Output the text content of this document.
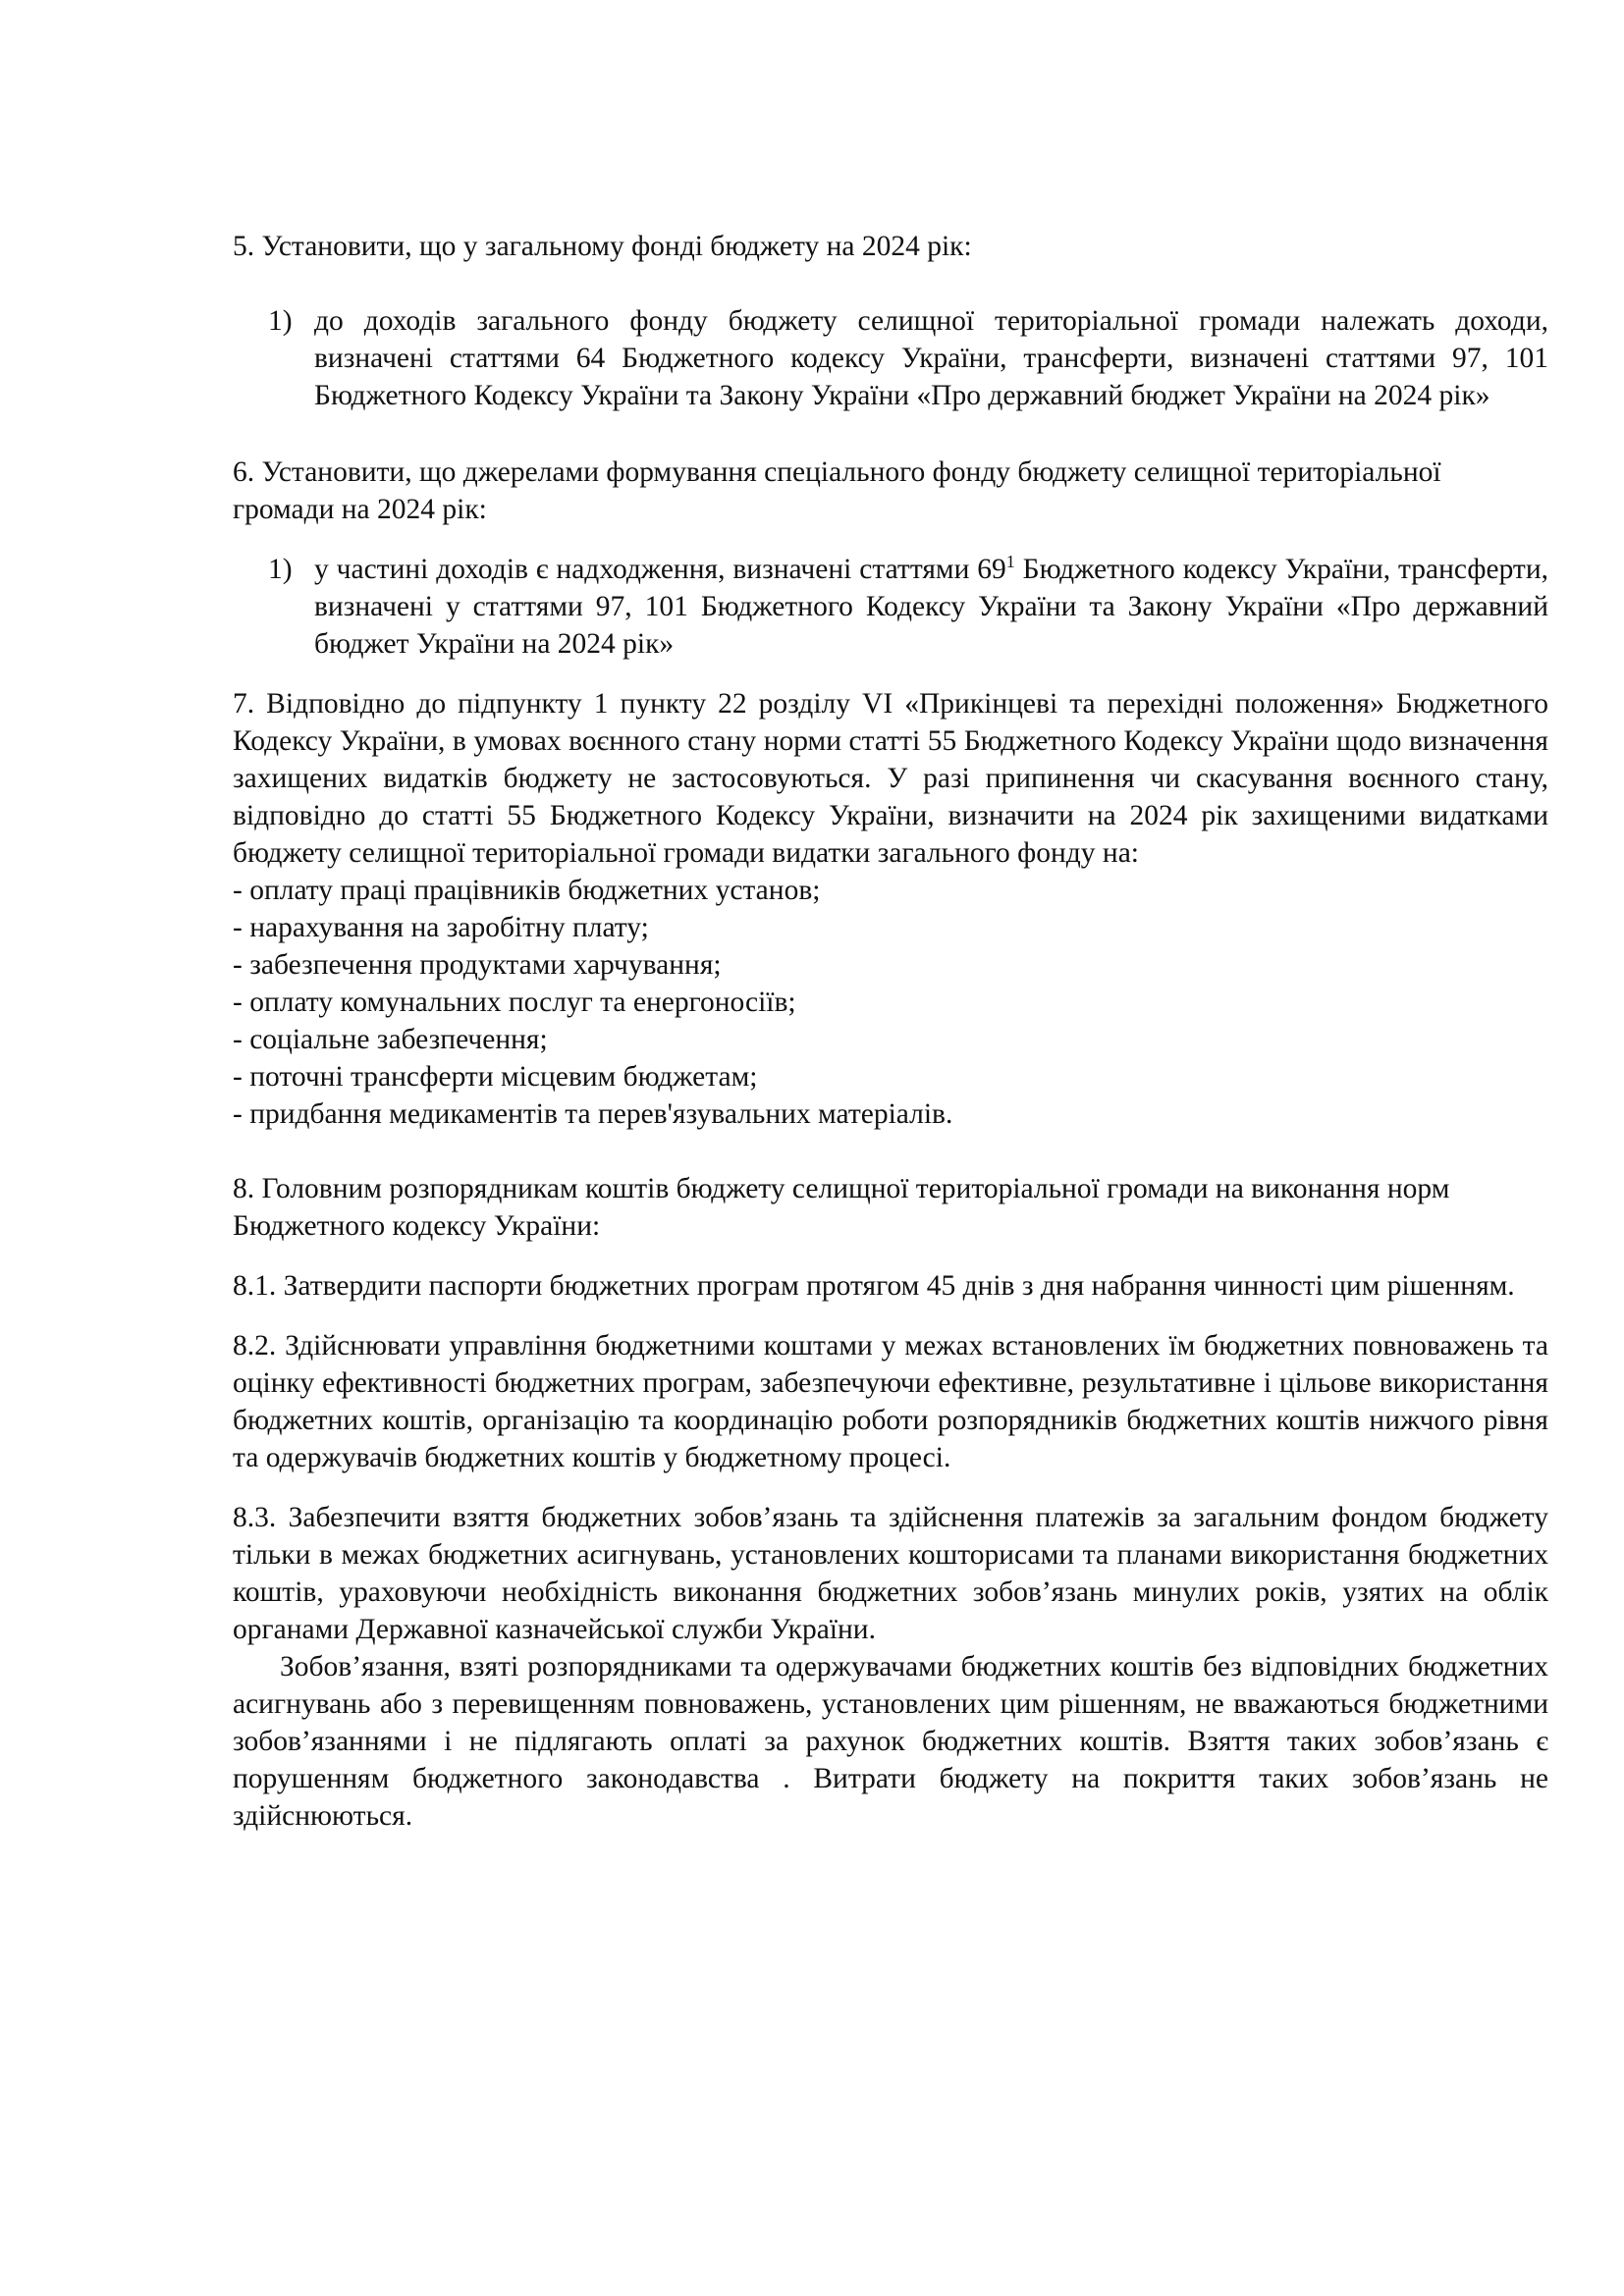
5. Установити, що у загальному фонді бюджету на 2024 рік:

1) до доходів загального фонду бюджету селищної територіальної громади належать доходи, визначені статтями 64 Бюджетного кодексу України, трансферти, визначені статтями 97, 101 Бюджетного Кодексу України та Закону України «Про державний бюджет України на 2024 рік»

6. Установити, що джерелами формування спеціального фонду бюджету селищної територіальної громади на 2024 рік:

1) у частині доходів є надходження, визначені статтями $69^1$ Бюджетного кодексу України, трансферти, визначені у статтями 97, 101 Бюджетного Кодексу України та Закону України «Про державний бюджет України на 2024 рік»

7. Відповідно до підпункту 1 пункту 22 розділу VI «Прикінцеві та перехідні положення» Бюджетного Кодексу України, в умовах воєнного стану норми статті 55 Бюджетного Кодексу України щодо визначення захищених видатків бюджету не застосовуються. У разі припинення чи скасування воєнного стану, відповідно до статті 55 Бюджетного Кодексу України, визначити на 2024 рік захищеними видатками бюджету селищної територіальної громади видатки загального фонду на:

- оплату праці працівників бюджетних установ;

- нарахування на заробітну плату;

- забезпечення продуктами харчування;

- оплату комунальних послуг та енергоносіїв;

- соціальне забезпечення;

- поточні трансферти місцевим бюджетам;

- придбання медикаментів та перев'язувальних матеріалів.

8. Головним розпорядникам коштів бюджету селищної територіальної громади на виконання норм Бюджетного кодексу України:

8.1. Затвердити паспорти бюджетних програм протягом 45 днів з дня набрання чинності цим рішенням.

8.2. Здійснювати управління бюджетними коштами у межах встановлених їм бюджетних повноважень та оцінку ефективності бюджетних програм, забезпечуючи ефективне, результативне і цільове використання бюджетних коштів, організацію та координацію роботи розпорядників бюджетних коштів нижчого рівня та одержувачів бюджетних коштів у бюджетному процесі.

8.3. Забезпечити взяття бюджетних зобов’язань та здійснення платежів за загальним фондом бюджету тільки в межах бюджетних асигнувань, установлених кошторисами та планами використання бюджетних коштів, ураховуючи необхідність виконання бюджетних зобов’язань минулих років, узятих на облік органами Державної казначейської служби України.

Зобов’язання, взяті розпорядниками та одержувачами бюджетних коштів без відповідних бюджетних асигнувань або з перевищенням повноважень, установлених цим рішенням, не вважаються бюджетними зобов’язаннями і не підлягають оплаті за рахунок бюджетних коштів. Взяття таких зобов’язань є порушенням бюджетного законодавства . Витрати бюджету на покриття таких зобов’язань не здійснюються.
